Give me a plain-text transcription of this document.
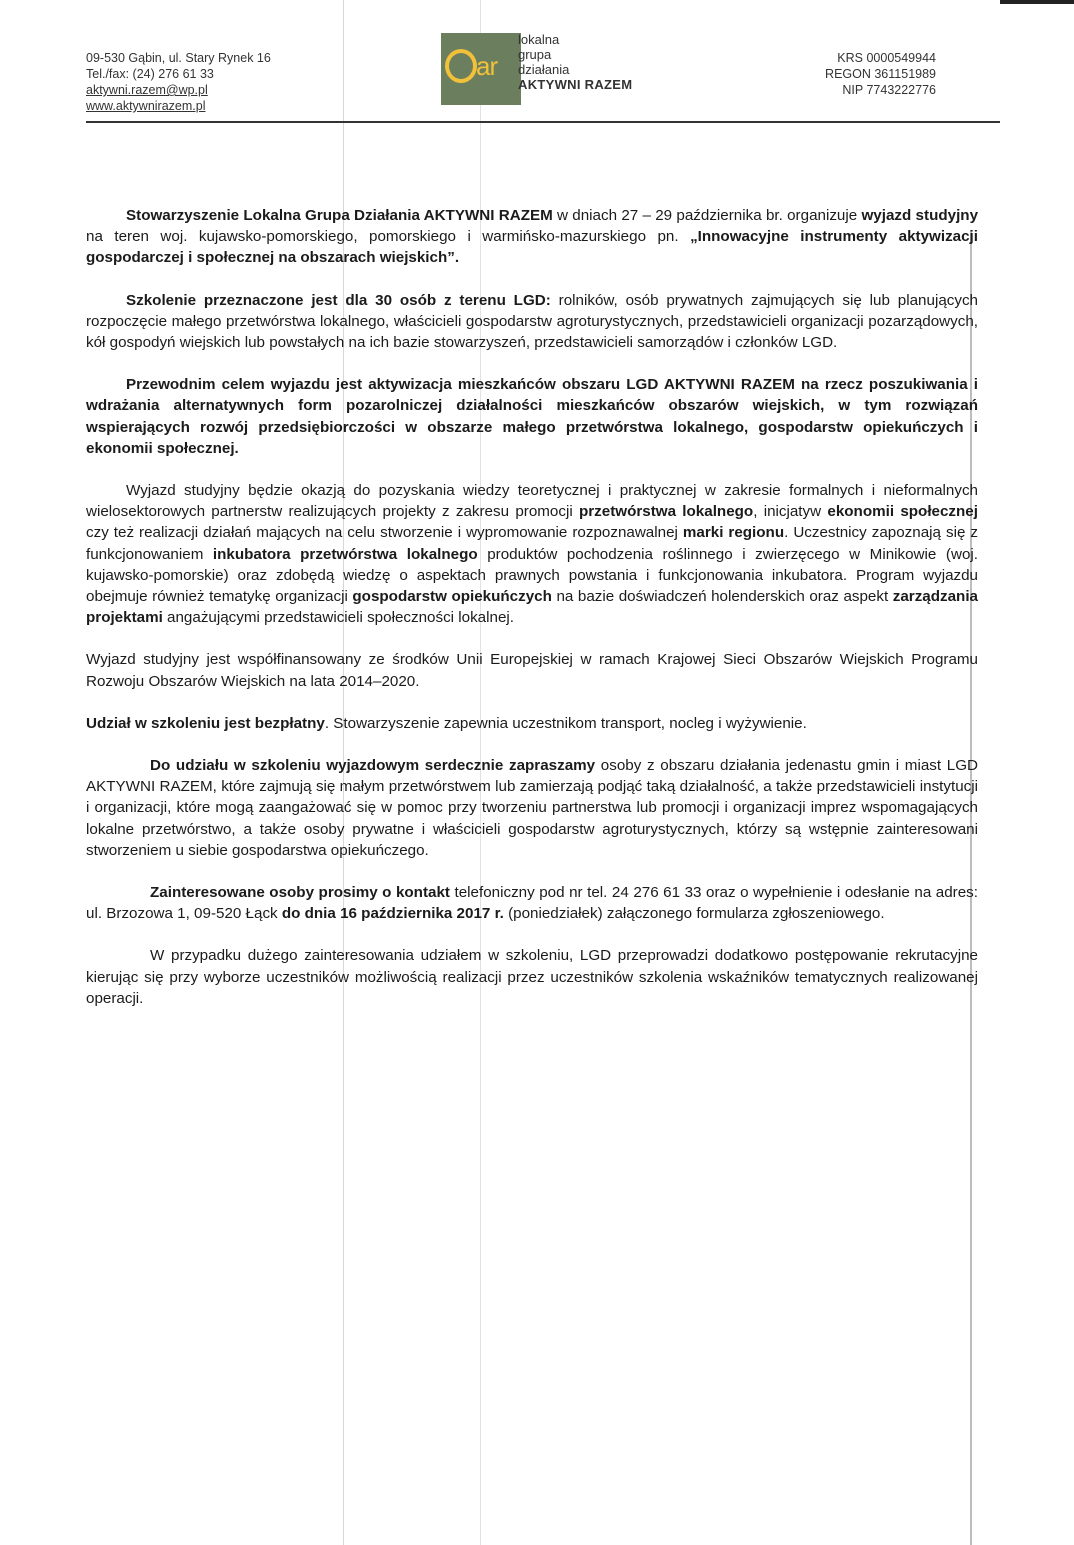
09-530 Gąbin, ul. Stary Rynek 16
Tel./fax: (24) 276 61 33
aktywni.razem@wp.pl
www.aktywnirazem.pl
ar
lokalna
grupa
działania
AKTYWNI RAZEM
KRS 0000549944
REGON 361151989
NIP 7743222776

Stowarzyszenie Lokalna Grupa Działania AKTYWNI RAZEM w dniach 27 – 29 października br. organizuje wyjazd studyjny na teren woj. kujawsko-pomorskiego, pomorskiego i warmińsko-mazurskiego pn. „Innowacyjne instrumenty aktywizacji gospodarczej i społecznej na obszarach wiejskich”.

Szkolenie przeznaczone jest dla 30 osób z terenu LGD: rolników, osób prywatnych zajmujących się lub planujących rozpoczęcie małego przetwórstwa lokalnego, właścicieli gospodarstw agroturystycznych, przedstawicieli organizacji pozarządowych, kół gospodyń wiejskich lub powstałych na ich bazie stowarzyszeń, przedstawicieli samorządów i członków LGD.

Przewodnim celem wyjazdu jest aktywizacja mieszkańców obszaru LGD AKTYWNI RAZEM na rzecz poszukiwania i wdrażania alternatywnych form pozarolniczej działalności mieszkańców obszarów wiejskich, w tym rozwiązań wspierających rozwój przedsiębiorczości w obszarze małego przetwórstwa lokalnego, gospodarstw opiekuńczych i ekonomii społecznej.

Wyjazd studyjny będzie okazją do pozyskania wiedzy teoretycznej i praktycznej w zakresie formalnych i nieformalnych wielosektorowych partnerstw realizujących projekty z zakresu promocji przetwórstwa lokalnego, inicjatyw ekonomii społecznej czy też realizacji działań mających na celu stworzenie i wypromowanie rozpoznawalnej marki regionu. Uczestnicy zapoznają się z funkcjonowaniem inkubatora przetwórstwa lokalnego produktów pochodzenia roślinnego i zwierzęcego w Minikowie (woj. kujawsko-pomorskie) oraz zdobędą wiedzę o aspektach prawnych powstania i funkcjonowania inkubatora. Program wyjazdu obejmuje również tematykę organizacji gospodarstw opiekuńczych na bazie doświadczeń holenderskich oraz aspekt zarządzania projektami angażującymi przedstawicieli społeczności lokalnej.

Wyjazd studyjny jest współfinansowany ze środków Unii Europejskiej w ramach Krajowej Sieci Obszarów Wiejskich Programu Rozwoju Obszarów Wiejskich na lata 2014–2020.

Udział w szkoleniu jest bezpłatny. Stowarzyszenie zapewnia uczestnikom transport, nocleg i wyżywienie.

Do udziału w szkoleniu wyjazdowym serdecznie zapraszamy osoby z obszaru działania jedenastu gmin i miast LGD AKTYWNI RAZEM, które zajmują się małym przetwórstwem lub zamierzają podjąć taką działalność, a także przedstawicieli instytucji i organizacji, które mogą zaangażować się w pomoc przy tworzeniu partnerstwa lub promocji i organizacji imprez wspomagających lokalne przetwórstwo, a także osoby prywatne i właścicieli gospodarstw agroturystycznych, którzy są wstępnie zainteresowani stworzeniem u siebie gospodarstwa opiekuńczego.

Zainteresowane osoby prosimy o kontakt telefoniczny pod nr tel. 24 276 61 33 oraz o wypełnienie i odesłanie na adres: ul. Brzozowa 1, 09-520 Łąck do dnia 16 października 2017 r. (poniedziałek) załączonego formularza zgłoszeniowego.

W przypadku dużego zainteresowania udziałem w szkoleniu, LGD przeprowadzi dodatkowo postępowanie rekrutacyjne kierując się przy wyborze uczestników możliwością realizacji przez uczestników szkolenia wskaźników tematycznych realizowanej operacji.
